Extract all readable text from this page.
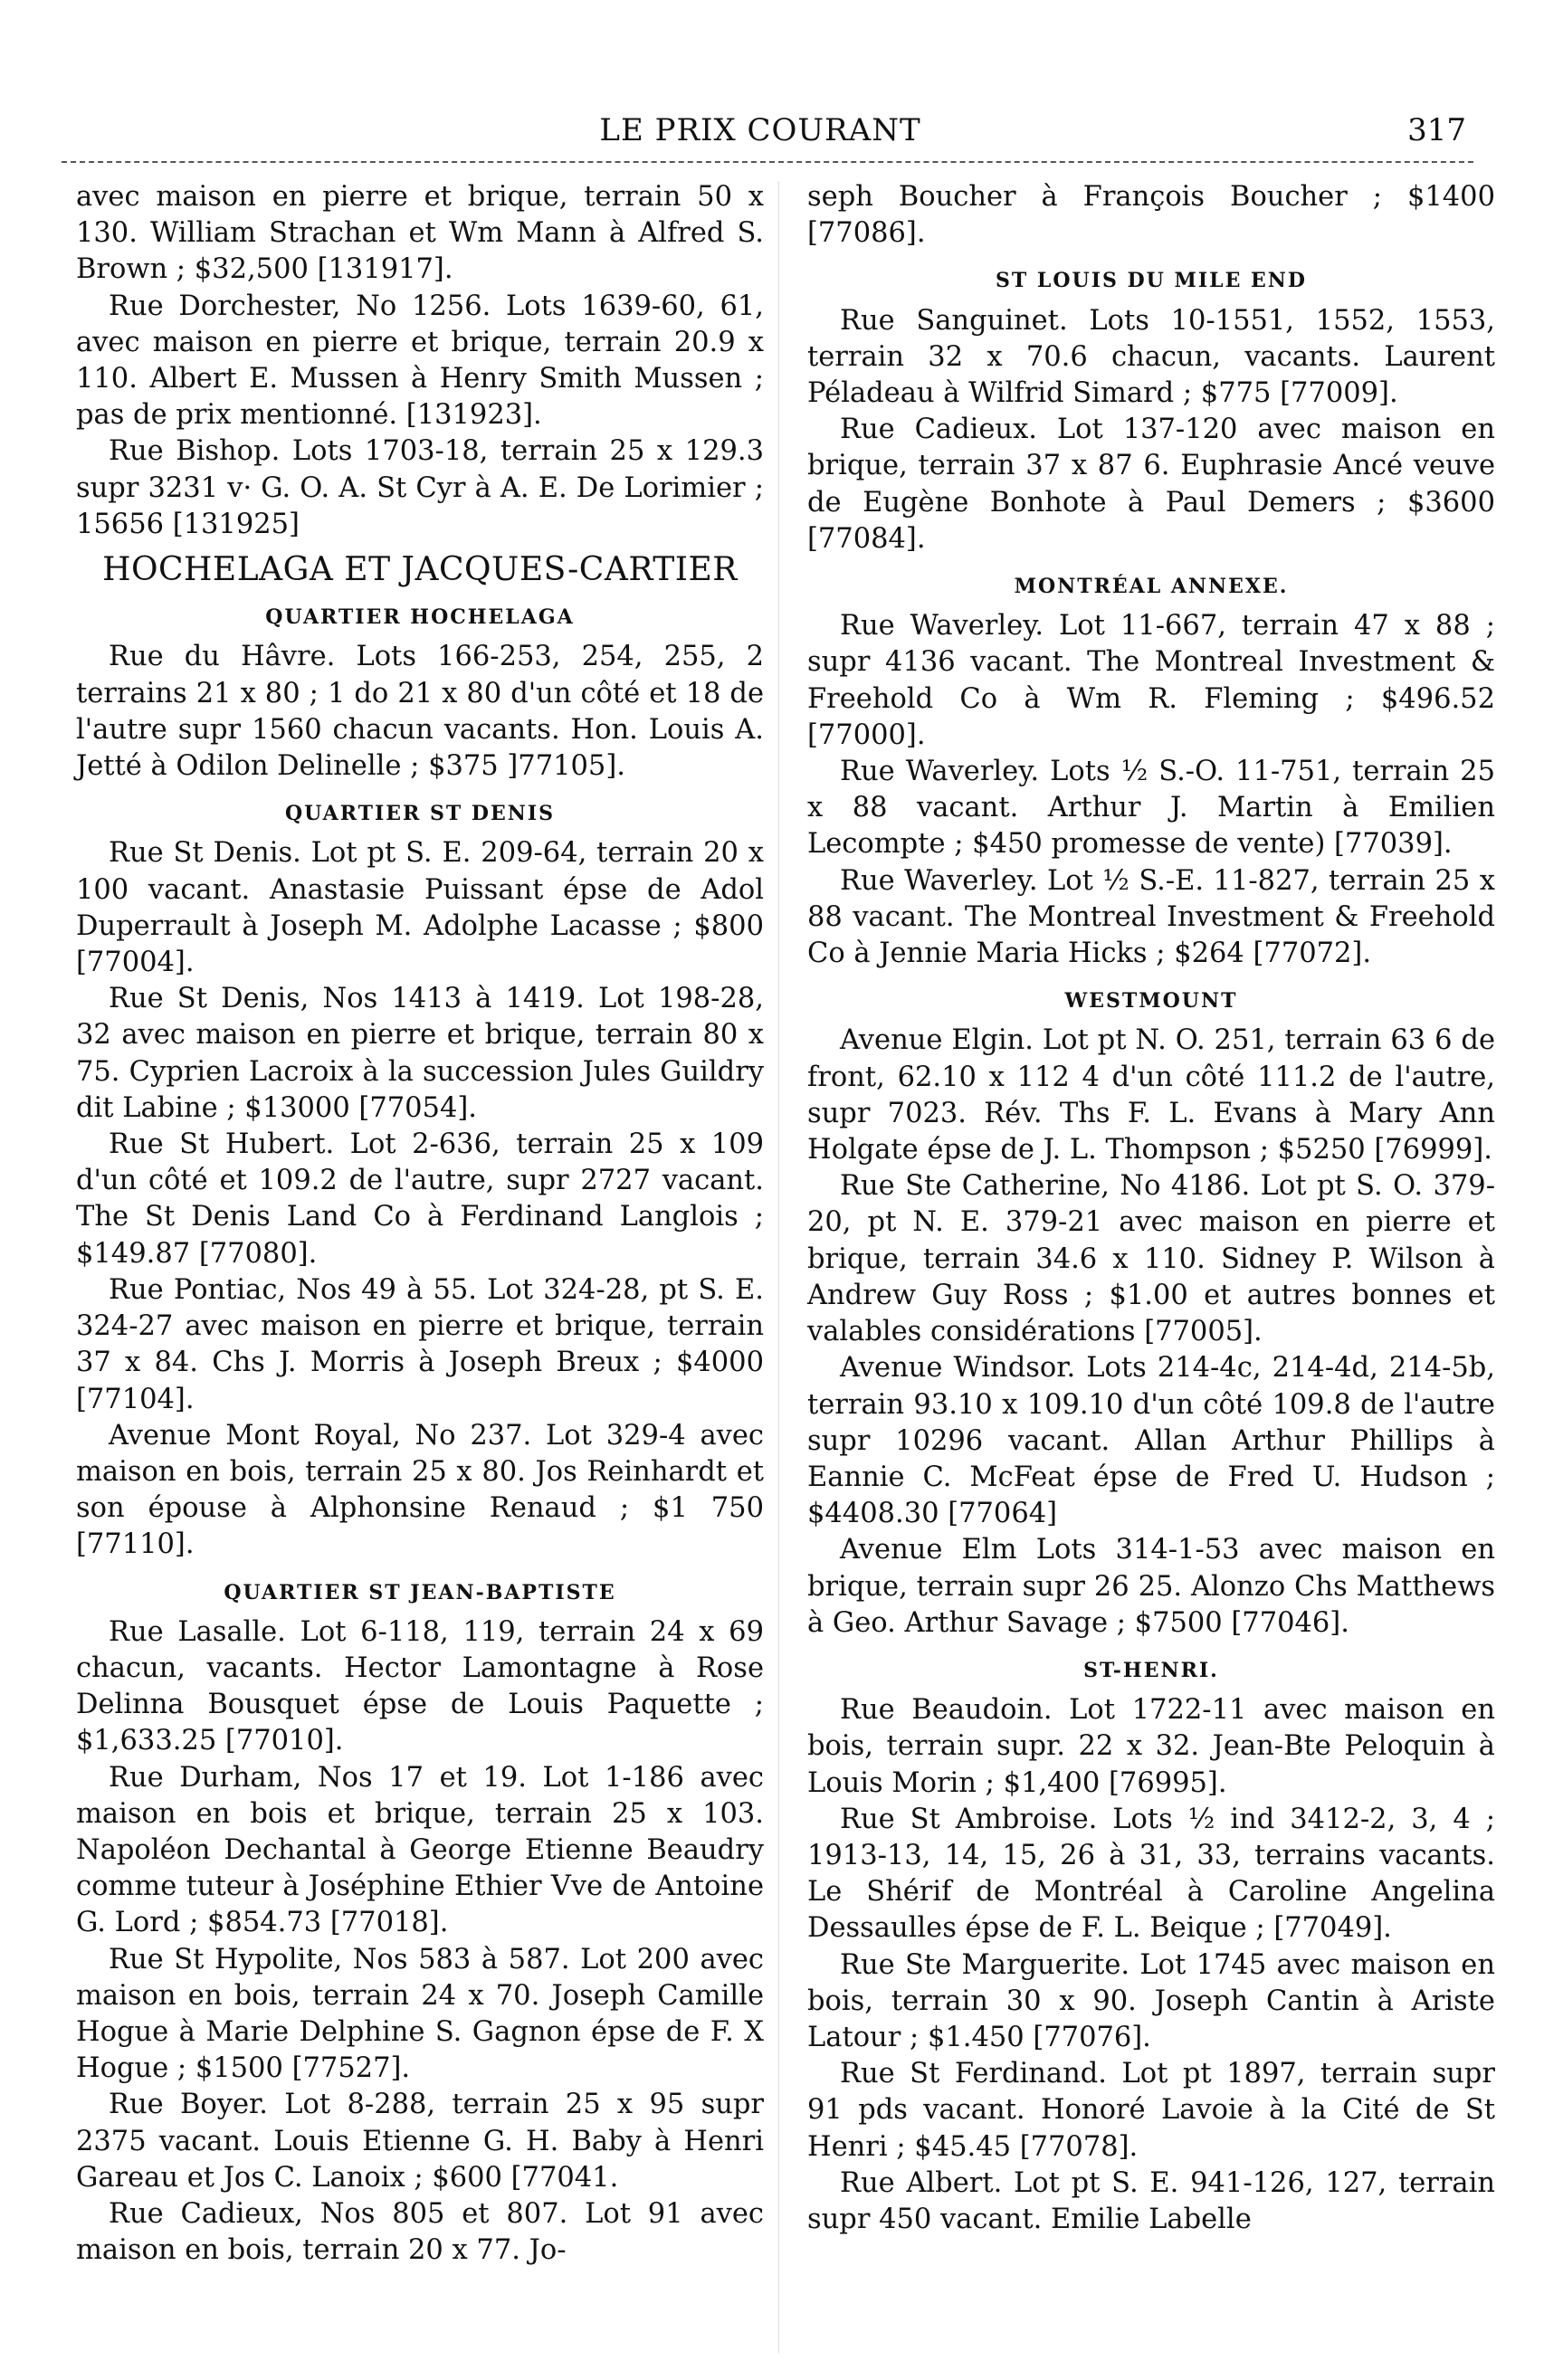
LE PRIX COURANT	317

avec maison en pierre et brique, terrain 50 x 130. William Strachan et Wm Mann à Alfred S. Brown ; $32,500 [131917].

Rue Dorchester, No 1256. Lots 1639-60, 61, avec maison en pierre et brique, terrain 20.9 x 110. Albert E. Mussen à Henry Smith Mussen ; pas de prix mentionné. [131923].

Rue Bishop. Lots 1703-18, terrain 25 x 129.3 supr 3231 v· G. O. A. St Cyr à A. E. De Lorimier ; 15656 [131925]

HOCHELAGA ET JACQUES-CARTIER
QUARTIER HOCHELAGA

Rue du Hâvre. Lots 166-253, 254, 255, 2 terrains 21 x 80 ; 1 do 21 x 80 d'un côté et 18 de l'autre supr 1560 chacun vacants. Hon. Louis A. Jetté à Odilon Delinelle ; $375 ]77105].

QUARTIER ST DENIS

Rue St Denis. Lot pt S. E. 209-64, terrain 20 x 100 vacant. Anastasie Puissant épse de Adol Duperrault à Joseph M. Adolphe Lacasse ; $800 [77004].

Rue St Denis, Nos 1413 à 1419. Lot 198-28, 32 avec maison en pierre et brique, terrain 80 x 75. Cyprien Lacroix à la succession Jules Guildry dit Labine ; $13000 [77054].

Rue St Hubert. Lot 2-636, terrain 25 x 109 d'un côté et 109.2 de l'autre, supr 2727 vacant. The St Denis Land Co à Ferdinand Langlois ; $149.87 [77080].

Rue Pontiac, Nos 49 à 55. Lot 324-28, pt S. E. 324-27 avec maison en pierre et brique, terrain 37 x 84. Chs J. Morris à Joseph Breux ; $4000 [77104].

Avenue Mont Royal, No 237. Lot 329-4 avec maison en bois, terrain 25 x 80. Jos Reinhardt et son épouse à Alphonsine Renaud ; $1 750 [77110].

QUARTIER ST JEAN-BAPTISTE

Rue Lasalle. Lot 6-118, 119, terrain 24 x 69 chacun, vacants. Hector Lamontagne à Rose Delinna Bousquet épse de Louis Paquette ; $1,633.25 [77010].

Rue Durham, Nos 17 et 19. Lot 1-186 avec maison en bois et brique, terrain 25 x 103. Napoléon Dechantal à George Etienne Beaudry comme tuteur à Joséphine Ethier Vve de Antoine G. Lord ; $854.73 [77018].

Rue St Hypolite, Nos 583 à 587. Lot 200 avec maison en bois, terrain 24 x 70. Joseph Camille Hogue à Marie Delphine S. Gagnon épse de F. X Hogue ; $1500 [77527].

Rue Boyer. Lot 8-288, terrain 25 x 95 supr 2375 vacant. Louis Etienne G. H. Baby à Henri Gareau et Jos C. Lanoix ; $600 [77041.

Rue Cadieux, Nos 805 et 807. Lot 91 avec maison en bois, terrain 20 x 77. Jo-

seph Boucher à François Boucher ; $1400 [77086].

ST LOUIS DU MILE END

Rue Sanguinet. Lots 10-1551, 1552, 1553, terrain 32 x 70.6 chacun, vacants. Laurent Péladeau à Wilfrid Simard ; $775 [77009].

Rue Cadieux. Lot 137-120 avec maison en brique, terrain 37 x 87 6. Euphrasie Ancé veuve de Eugène Bonhote à Paul Demers ; $3600 [77084].

MONTRÉAL ANNEXE.

Rue Waverley. Lot 11-667, terrain 47 x 88 ; supr 4136 vacant. The Montreal Investment & Freehold Co à Wm R. Fleming ; $496.52 [77000].

Rue Waverley. Lots ½ S.-O. 11-751, terrain 25 x 88 vacant. Arthur J. Martin à Emilien Lecompte ; $450 promesse de vente) [77039].

Rue Waverley. Lot ½ S.-E. 11-827, terrain 25 x 88 vacant. The Montreal Investment & Freehold Co à Jennie Maria Hicks ; $264 [77072].

WESTMOUNT

Avenue Elgin. Lot pt N. O. 251, terrain 63 6 de front, 62.10 x 112 4 d'un côté 111.2 de l'autre, supr 7023. Rév. Ths F. L. Evans à Mary Ann Holgate épse de J. L. Thompson ; $5250 [76999].

Rue Ste Catherine, No 4186. Lot pt S. O. 379-20, pt N. E. 379-21 avec maison en pierre et brique, terrain 34.6 x 110. Sidney P. Wilson à Andrew Guy Ross ; $1.00 et autres bonnes et valables considérations [77005].

Avenue Windsor. Lots 214-4c, 214-4d, 214-5b, terrain 93.10 x 109.10 d'un côté 109.8 de l'autre supr 10296 vacant. Allan Arthur Phillips à Eannie C. McFeat épse de Fred U. Hudson ; $4408.30 [77064]

Avenue Elm Lots 314-1-53 avec maison en brique, terrain supr 26 25. Alonzo Chs Matthews à Geo. Arthur Savage ; $7500 [77046].

ST-HENRI.

Rue Beaudoin. Lot 1722-11 avec maison en bois, terrain supr. 22 x 32. Jean-Bte Peloquin à Louis Morin ; $1,400 [76995].

Rue St Ambroise. Lots ½ ind 3412-2, 3, 4 ; 1913-13, 14, 15, 26 à 31, 33, terrains vacants. Le Shérif de Montréal à Caroline Angelina Dessaulles épse de F. L. Beique ; [77049].

Rue Ste Marguerite. Lot 1745 avec maison en bois, terrain 30 x 90. Joseph Cantin à Ariste Latour ; $1.450 [77076].

Rue St Ferdinand. Lot pt 1897, terrain supr 91 pds vacant. Honoré Lavoie à la Cité de St Henri ; $45.45 [77078].

Rue Albert. Lot pt S. E. 941-126, 127, terrain supr 450 vacant. Emilie Labelle
